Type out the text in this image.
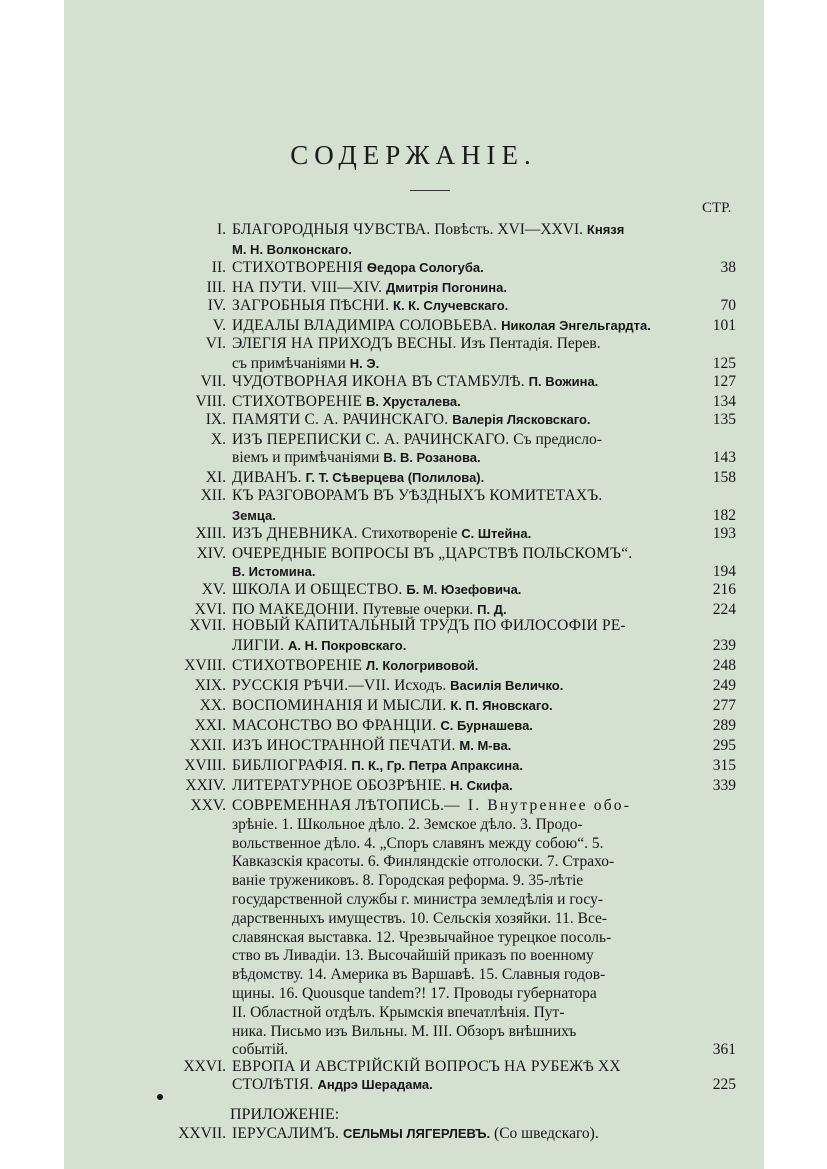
СОДЕРЖАНІЕ.
СТР.
I. БЛАГОРОДНЫЯ ЧУВСТВА. Повѣсть. XVI—XXVI. Князя
М. Н. Волконскаго.
II. СТИХОТВОРЕНІЯ Ѳедора Сологуба.	38
III. НА ПУТИ. VIII—XIV. Дмитрія Погонина.
IV. ЗАГРОБНЫЯ ПѢСНИ. К. К. Случевскаго.	70
V. ИДЕАЛЫ ВЛАДИМІРА СОЛОВЬЕВА. Николая Энгельгардта.	101
VI. ЭЛЕГІЯ НА ПРИХОДЪ ВЕСНЫ. Изъ Пентадія. Перев.
съ примѣчаніями Н. Э.	125
VII. ЧУДОТВОРНАЯ ИКОНА ВЪ СТАМБУЛѢ. П. Вожина.	127
VIII. СТИХОТВОРЕНІЕ В. Хрусталева.	134
IX. ПАМЯТИ С. А. РАЧИНСКАГО. Валерія Лясковскаго.	135
X. ИЗЪ ПЕРЕПИСКИ С. А. РАЧИНСКАГО. Съ предисло-
віемъ и примѣчаніями В. В. Розанова.	143
XI. ДИВАНЪ. Г. Т. Сѣверцева (Полилова).	158
XII. КЪ РАЗГОВОРАМЪ ВЪ УѢЗДНЫХЪ КОМИТЕТАХЪ.
Земца.	182
XIII. ИЗЪ ДНЕВНИКА. Стихотвореніе С. Штейна.	193
XIV. ОЧЕРЕДНЫЕ ВОПРОСЫ ВЪ „ЦАРСТВѢ ПОЛЬСКОМЪ“.
В. Истомина.	194
XV. ШКОЛА И ОБЩЕСТВО. Б. М. Юзефовича.	216
XVI. ПО МАКЕДОНІИ. Путевые очерки. П. Д.	224
XVII. НОВЫЙ КАПИТАЛЬНЫЙ ТРУДЪ ПО ФИЛОСОФІИ РЕ-
ЛИГІИ. А. Н. Покровскаго.	239
XVIII. СТИХОТВОРЕНІЕ Л. Кологривовой.	248
XIX. РУССКІЯ РѢЧИ.—VII. Исходъ. Василія Величко.	249
XX. ВОСПОМИНАНІЯ И МЫСЛИ. К. П. Яновскаго.	277
XXI. МАСОНСТВО ВО ФРАНЦІИ. С. Бурнашева.	289
XXII. ИЗЪ ИНОСТРАННОЙ ПЕЧАТИ. М. М-ва.	295
XVIII. БИБЛІОГРАФІЯ. П. К., Гр. Петра Апраксина.	315
XXIV. ЛИТЕРАТУРНОЕ ОБОЗРѢНІЕ. Н. Скифа.	339
XXV. СОВРЕМЕННАЯ ЛѢТОПИСЬ.— I. Внутреннее обо-
зрѣніе. 1. Школьное дѣло. 2. Земское дѣло. 3. Продо-
вольственное дѣло. 4. „Споръ славянъ между собою“. 5.
Кавказскія красоты. 6. Финляндскіе отголоски. 7. Страхо-
ваніе тружениковъ. 8. Городская реформа. 9. 35-лѣтіе
государственной службы г. министра земледѣлія и госу-
дарственныхъ имуществъ. 10. Сельскія хозяйки. 11. Все-
славянская выставка. 12. Чрезвычайное турецкое посоль-
ство въ Ливадіи. 13. Высочайшій приказъ по военному
вѣдомству. 14. Америка въ Варшавѣ. 15. Славныя годов-
щины. 16. Quousque tandem?! 17. Проводы губернатора
II. Областной отдѣлъ. Крымскія впечатлѣнія. Пут-
ника. Письмо изъ Вильны. М. III. Обзоръ внѣшнихъ
событій.	361
XXVI. ЕВРОПА И АВСТРІЙСКІЙ ВОПРОСЪ НА РУБЕЖѢ ХХ
СТОЛѢТІЯ. Андрэ Шерадама.	225
XXVII. ІЕРУСАЛИМЪ. СЕЛЬМЫ ЛЯГЕРЛЕВЪ. (Со шведскаго).
ПРИЛОЖЕНІЕ:
